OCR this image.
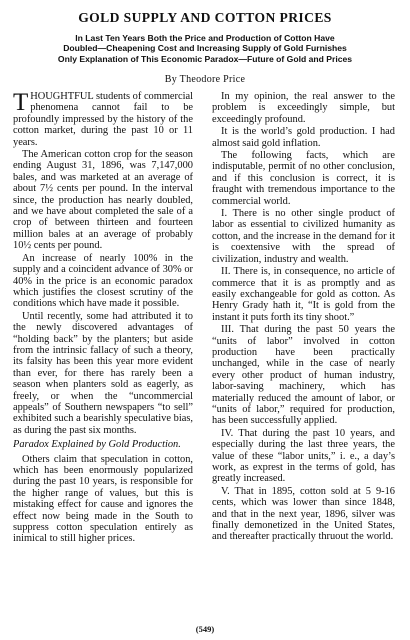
GOLD SUPPLY AND COTTON PRICES
In Last Ten Years Both the Price and Production of Cotton Have
Doubled—Cheapening Cost and Increasing Supply of Gold Furnishes
Only Explanation of This Economic Paradox—Future of Gold and Prices
By Theodore Price

THOUGHTFUL students of commercial phenomena cannot fail to be profoundly impressed by the history of the cotton market, during the past 10 or 11 years.

The American cotton crop for the season ending August 31, 1896, was 7,147,000 bales, and was marketed at an average of about 7½ cents per pound. In the interval since, the production has nearly doubled, and we have about completed the sale of a crop of between thirteen and fourteen million bales at an average of probably 10½ cents per pound.

An increase of nearly 100% in the supply and a coincident advance of 30% or 40% in the price is an economic paradox which justifies the closest scrutiny of the conditions which have made it possible.

Until recently, some had attributed it to the newly discovered advantages of “holding back” by the planters; but aside from the intrinsic fallacy of such a theory, its falsity has been this year more evident than ever, for there has rarely been a season when planters sold as eagerly, as freely, or when the “uncommercial appeals” of Southern newspapers “to sell” exhibited such a bearishly speculative bias, as during the past six months.

Paradox Explained by Gold Production.

Others claim that speculation in cotton, which has been enormously popularized during the past 10 years, is responsible for the higher range of values, but this is mistaking effect for cause and ignores the effect now being made in the South to suppress cotton speculation entirely as inimical to still higher prices.

In my opinion, the real answer to the problem is exceedingly simple, but exceedingly profound.

It is the world’s gold production. I had almost said gold inflation.

The following facts, which are indisputable, permit of no other conclusion, and if this conclusion is correct, it is fraught with tremendous importance to the commercial world.

I. There is no other single product of labor as essential to civilized humanity as cotton, and the increase in the demand for it is coextensive with the spread of civilization, industry and wealth.

II. There is, in consequence, no article of commerce that it is as promptly and as easily exchangeable for gold as cotton. As Henry Grady hath it, “It is gold from the instant it puts forth its tiny shoot.”

III. That during the past 50 years the “units of labor” involved in cotton production have been practically unchanged, while in the case of nearly every other product of human industry, labor-saving machinery, which has materially reduced the amount of labor, or “units of labor,” required for production, has been successfully applied.

IV. That during the past 10 years, and especially during the last three years, the value of these “labor units,” i. e., a day’s work, as exprest in the terms of gold, has greatly increased.

V. That in 1895, cotton sold at 5 9-16 cents, which was lower than since 1848, and that in the next year, 1896, silver was finally demonetized in the United States, and thereafter practically thruout the world.

(549)
